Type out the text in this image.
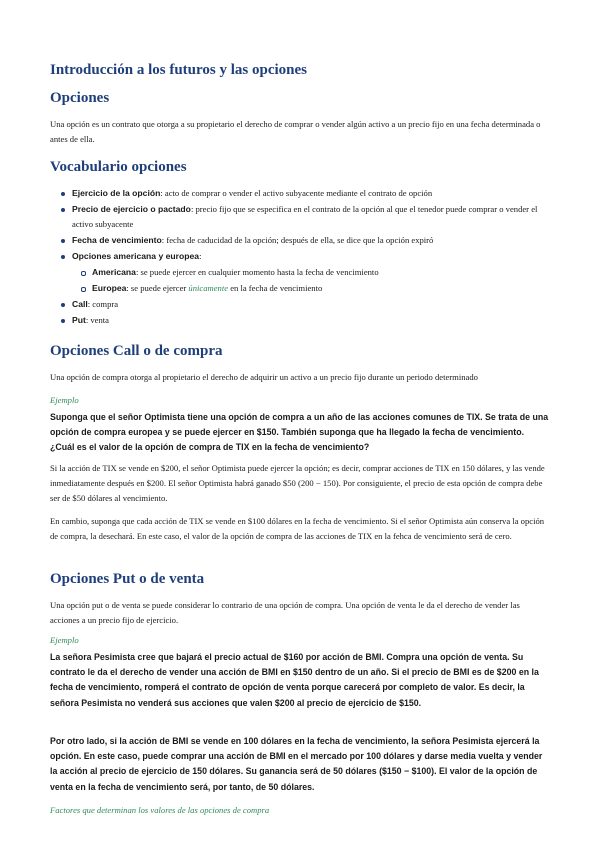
Introducción a los futuros y las opciones
Opciones

Una opción es un contrato que otorga a su propietario el derecho de comprar o vender algún activo a un precio fijo en una fecha determinada o antes de ella.

Vocabulario opciones
Ejercicio de la opción: acto de comprar o vender el activo subyacente mediante el contrato de opción
Precio de ejercicio o pactado: precio fijo que se especifica en el contrato de la opción al que el tenedor puede comprar o vender el activo subyacente
Fecha de vencimiento: fecha de caducidad de la opción; después de ella, se dice que la opción expiró
Opciones americana y europea:
Americana: se puede ejercer en cualquier momento hasta la fecha de vencimiento
Europea: se puede ejercer únicamente en la fecha de vencimiento
Call: compra
Put: venta
Opciones Call o de compra

Una opción de compra otorga al propietario el derecho de adquirir un activo a un precio fijo durante un periodo determinado

Ejemplo
Suponga que el señor Optimista tiene una opción de compra a un año de las acciones comunes de TIX. Se trata de una opción de compra europea y se puede ejercer en $150. También suponga que ha llegado la fecha de vencimiento. ¿Cuál es el valor de la opción de compra de TIX en la fecha de vencimiento?

Si la acción de TIX se vende en $200, el señor Optimista puede ejercer la opción; es decir, comprar acciones de TIX en 150 dólares, y las vende inmediatamente después en $200. El señor Optimista habrá ganado $50 (200 − 150). Por consiguiente, el precio de esta opción de compra debe ser de $50 dólares al vencimiento.

En cambio, suponga que cada acción de TIX se vende en $100 dólares en la fecha de vencimiento. Si el señor Optimista aún conserva la opción de compra, la desechará. En este caso, el valor de la opción de compra de las acciones de TIX en la fehca de vencimiento será de cero.

Opciones Put o de venta

Una opción put o de venta se puede considerar lo contrario de una opción de compra. Una opción de venta le da el derecho de vender las acciones a un precio fijo de ejercicio.

Ejemplo
La señora Pesimista cree que bajará el precio actual de $160 por acción de BMI. Compra una opción de venta. Su contrato le da el derecho de vender una acción de BMI en $150 dentro de un año. Si el precio de BMI es de $200 en la fecha de vencimiento, romperá el contrato de opción de venta porque carecerá por completo de valor. Es decir, la señora Pesimista no venderá sus acciones que valen $200 al precio de ejercicio de $150.
Por otro lado, si la acción de BMI se vende en 100 dólares en la fecha de vencimiento, la señora Pesimista ejercerá la opción. En este caso, puede comprar una acción de BMI en el mercado por 100 dólares y darse media vuelta y vender la acción al precio de ejercicio de 150 dólares. Su ganancia será de 50 dólares ($150 − $100). El valor de la opción de venta en la fecha de vencimiento será, por tanto, de 50 dólares.
Factores que determinan los valores de las opciones de compra
